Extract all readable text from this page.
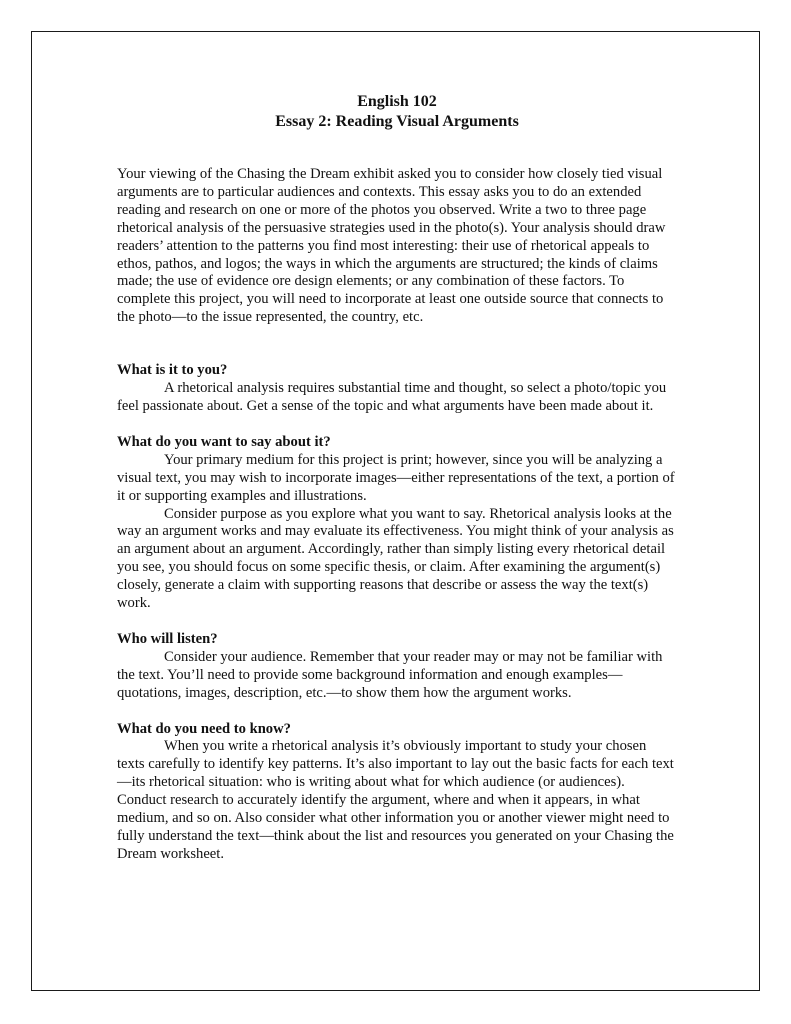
English 102
Essay 2: Reading Visual Arguments

Your viewing of the Chasing the Dream exhibit asked you to consider how closely tied visual arguments are to particular audiences and contexts. This essay asks you to do an extended reading and research on one or more of the photos you observed. Write a two to three page rhetorical analysis of the persuasive strategies used in the photo(s). Your analysis should draw readers’ attention to the patterns you find most interesting: their use of rhetorical appeals to ethos, pathos, and logos; the ways in which the arguments are structured; the kinds of claims made; the use of evidence ore design elements; or any combination of these factors. To complete this project, you will need to incorporate at least one outside source that connects to the photo—to the issue represented, the country, etc.

What is it to you?

A rhetorical analysis requires substantial time and thought, so select a photo/topic you feel passionate about. Get a sense of the topic and what arguments have been made about it.

What do you want to say about it?

Your primary medium for this project is print; however, since you will be analyzing a visual text, you may wish to incorporate images—either representations of the text, a portion of it or supporting examples and illustrations.

Consider purpose as you explore what you want to say. Rhetorical analysis looks at the way an argument works and may evaluate its effectiveness. You might think of your analysis as an argument about an argument. Accordingly, rather than simply listing every rhetorical detail you see, you should focus on some specific thesis, or claim. After examining the argument(s) closely, generate a claim with supporting reasons that describe or assess the way the text(s) work.

Who will listen?

Consider your audience. Remember that your reader may or may not be familiar with the text. You’ll need to provide some background information and enough examples—quotations, images, description, etc.—to show them how the argument works.

What do you need to know?

When you write a rhetorical analysis it’s obviously important to study your chosen texts carefully to identify key patterns. It’s also important to lay out the basic facts for each text—its rhetorical situation: who is writing about what for which audience (or audiences). Conduct research to accurately identify the argument, where and when it appears, in what medium, and so on. Also consider what other information you or another viewer might need to fully understand the text—think about the list and resources you generated on your Chasing the Dream worksheet.
